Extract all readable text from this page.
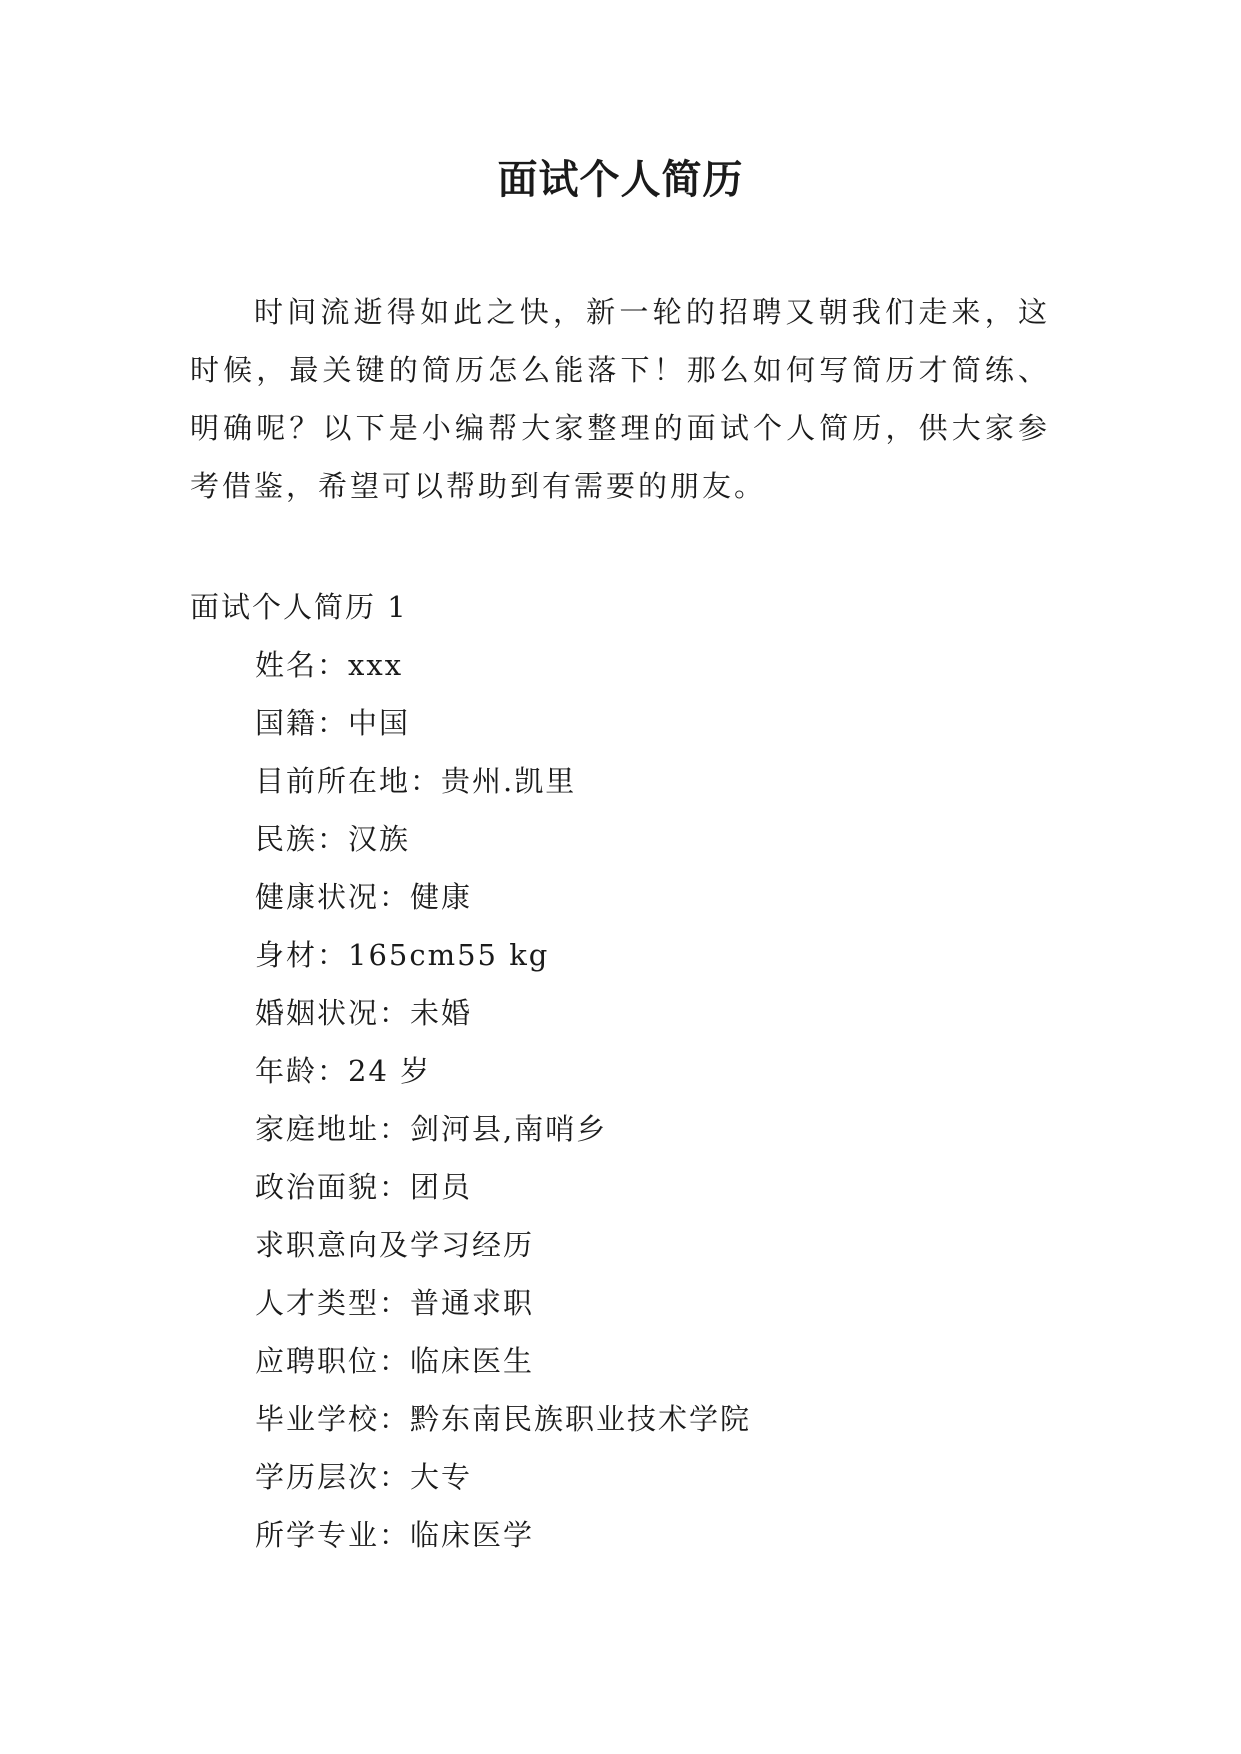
面试个人简历

时间流逝得如此之快，新一轮的招聘又朝我们走来，这时候，最关键的简历怎么能落下！那么如何写简历才简练、明确呢？以下是小编帮大家整理的面试个人简历，供大家参考借鉴，希望可以帮助到有需要的朋友。

面试个人简历 1
姓名：xxx
国籍：中国
目前所在地：贵州.凯里
民族：汉族
健康状况：健康
身材：165cm55 kg
婚姻状况：未婚
年龄：24 岁
家庭地址：剑河县,南哨乡
政治面貌：团员
求职意向及学习经历
人才类型：普通求职
应聘职位：临床医生
毕业学校：黔东南民族职业技术学院
学历层次：大专
所学专业：临床医学
